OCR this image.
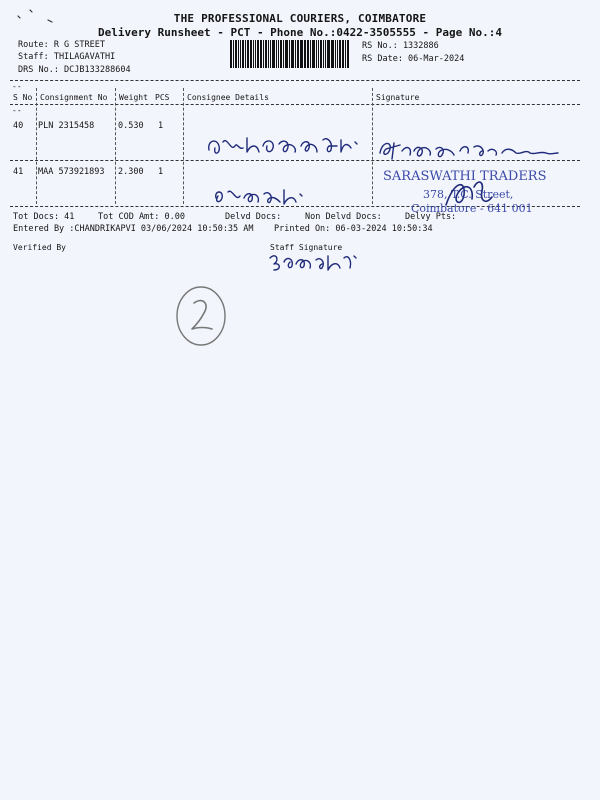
THE PROFESSIONAL COURIERS, COIMBATORE
Delivery Runsheet - PCT - Phone No.:0422-3505555 - Page No.:4
Route: R G STREET
Staff: THILAGAVATHI
DRS No.: DCJB133288604
RS No.: 1332886
RS Date: 06-Mar-2024
--
--
S No Consignment No Weight PCS Consignee Details	Signature
40 PLN 2315458	0.530 1
41 MAA 573921893 2.300 1	SARASWATHI TRADERS
378, T.C. Street,
Coimbatore - 641 001
Tot Docs: 41	Tot COD Amt: 0.00	Delvd Docs:	Non Delvd Docs:	Delvy Pts:
Entered By :CHANDRIKAPVI 03/06/2024 10:50:35 AM Printed On: 06-03-2024 10:50:34
Verified By	Staff Signature
